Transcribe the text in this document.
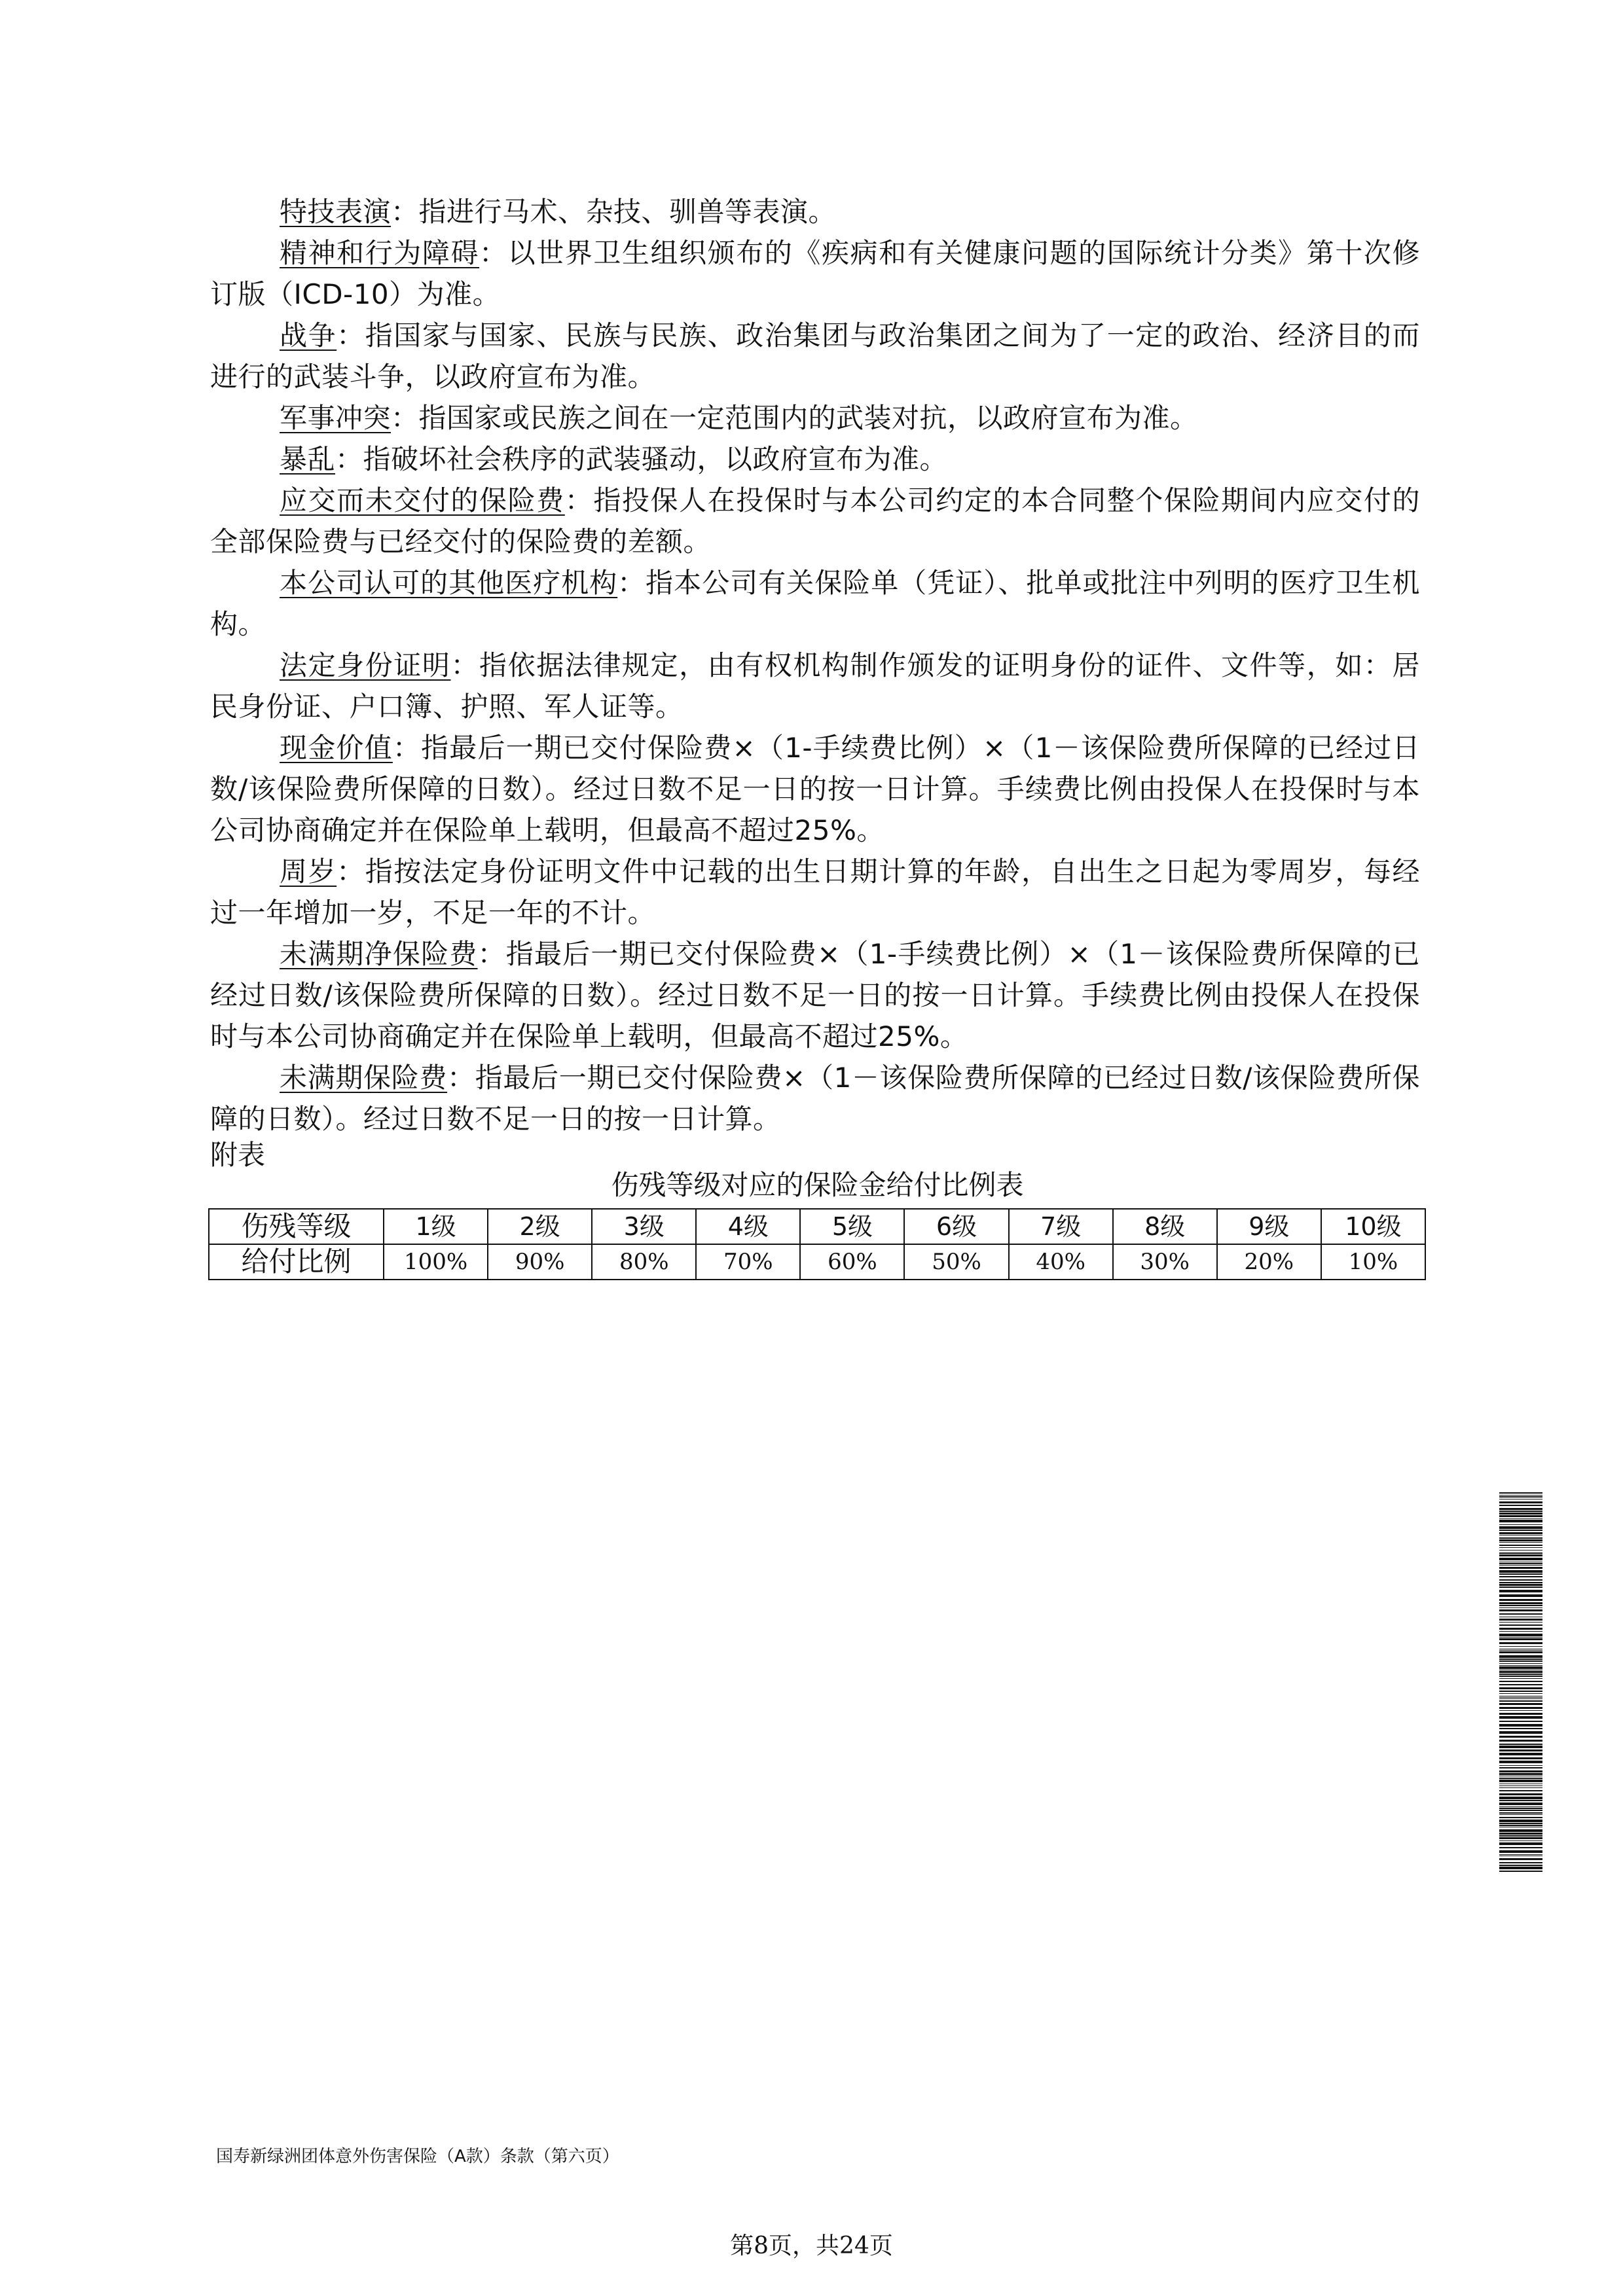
特技表演：指进行马术、杂技、驯兽等表演。

精神和行为障碍：以世界卫生组织颁布的《疾病和有关健康问题的国际统计分类》第十次修订版（ICD-10）为准。

战争：指国家与国家、民族与民族、政治集团与政治集团之间为了一定的政治、经济目的而进行的武装斗争，以政府宣布为准。

军事冲突：指国家或民族之间在一定范围内的武装对抗，以政府宣布为准。

暴乱：指破坏社会秩序的武装骚动，以政府宣布为准。

应交而未交付的保险费：指投保人在投保时与本公司约定的本合同整个保险期间内应交付的全部保险费与已经交付的保险费的差额。

本公司认可的其他医疗机构：指本公司有关保险单（凭证）、批单或批注中列明的医疗卫生机构。

法定身份证明：指依据法律规定，由有权机构制作颁发的证明身份的证件、文件等，如：居民身份证、户口簿、护照、军人证等。

现金价值：指最后一期已交付保险费×（1-手续费比例）×（1－该保险费所保障的已经过日数/该保险费所保障的日数）。经过日数不足一日的按一日计算。手续费比例由投保人在投保时与本公司协商确定并在保险单上载明，但最高不超过25%。

周岁：指按法定身份证明文件中记载的出生日期计算的年龄，自出生之日起为零周岁，每经过一年增加一岁，不足一年的不计。

未满期净保险费：指最后一期已交付保险费×（1-手续费比例）×（1－该保险费所保障的已经过日数/该保险费所保障的日数）。经过日数不足一日的按一日计算。手续费比例由投保人在投保时与本公司协商确定并在保险单上载明，但最高不超过25%。

未满期保险费：指最后一期已交付保险费×（1－该保险费所保障的已经过日数/该保险费所保障的日数）。经过日数不足一日的按一日计算。

附表
伤残等级对应的保险金给付比例表
伤残等级	1级	2级	3级	4级	5级	6级	7级	8级	9级	10级
给付比例	100%	90%	80%	70%	60%	50%	40%	30%	20%	10%
国寿新绿洲团体意外伤害保险（A款）条款（第六页）
第8页，共24页
